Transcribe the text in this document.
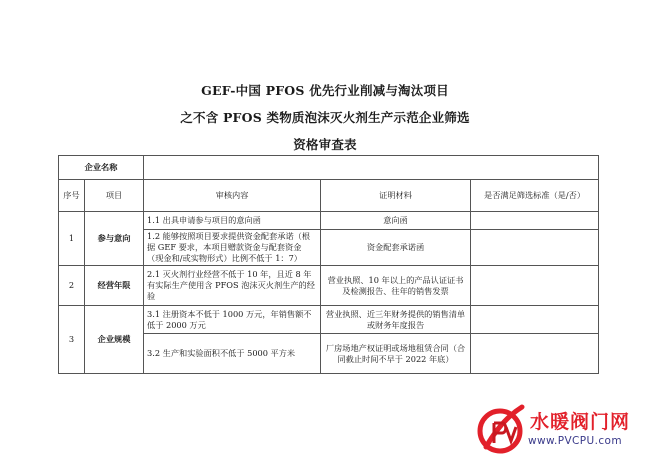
GEF-中国 PFOS 优先行业削减与淘汰项目

之不含 PFOS 类物质泡沫灭火剂生产示范企业筛选

资格审查表

企业名称				
序号	项目	审核内容	证明材料	是否满足筛选标准（是/否）
1	参与意向	1.1 出具申请参与项目的意向函	意向函	
		1.2 能够按照项目要求提供资金配套承诺（根据 GEF 要求，本项目赠款资金与配套资金（现金和/或实物形式）比例不低于 1：7）	资金配套承诺函	
2	经营年限	2.1 灭火剂行业经营不低于 10 年，且近 8 年有实际生产使用含 PFOS 泡沫灭火剂生产的经验	营业执照、10 年以上的产品认证证书及检测报告、往年的销售发票	
3	企业规模	3.1 注册资本不低于 1000 万元，年销售额不低于 2000 万元	营业执照、近三年财务提供的销售清单或财务年度报告	
		3.2 生产和实验面积不低于 5000 平方米	厂房场地产权证明或场地租赁合同（合同截止时间不早于 2022 年底）	
水暖阀门网
www.PVCPU.com
